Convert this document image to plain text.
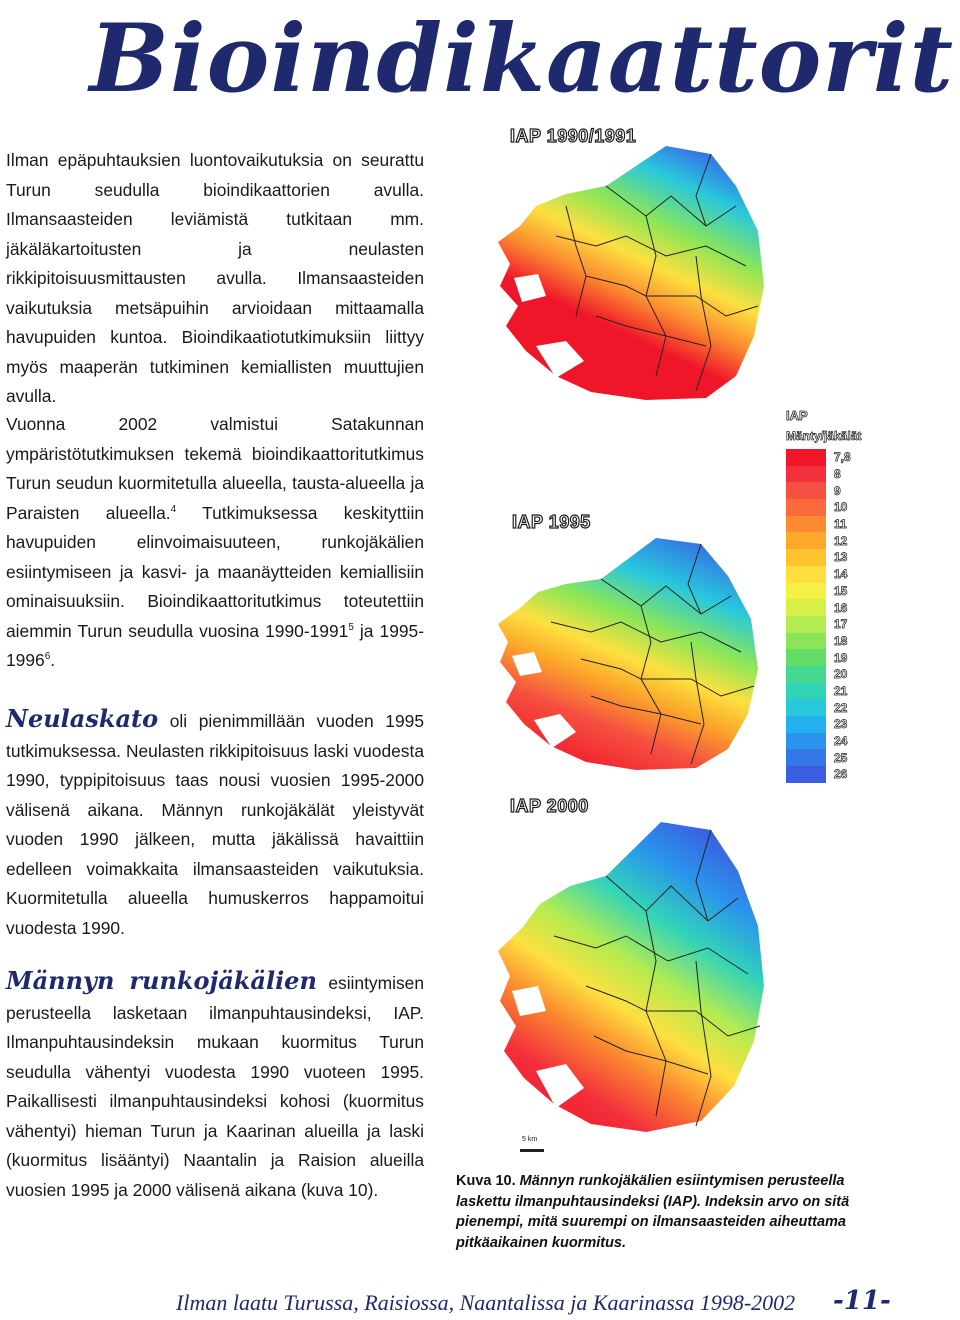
Bioindikaattorit

Ilman epäpuhtauksien luontovaikutuksia on seurattu Turun seudulla bioindikaattorien avulla. Ilmansaasteiden leviämistä tutkitaan mm. jäkäläkartoitusten ja neulasten rikkipitoisuusmittausten avulla. Ilmansaasteiden vaikutuksia metsäpuihin arvioidaan mittaamalla havupuiden kuntoa. Bioindikaatiotutkimuksiin liittyy myös maaperän tutkiminen kemiallisten muuttujien avulla.

Vuonna 2002 valmistui Satakunnan ympäristötutkimuksen tekemä bioindikaattoritutkimus Turun seudun kuormitetulla alueella, tausta-alueella ja Paraisten alueella.$^4$ Tutkimuksessa keskityttiin havupuiden elinvoimaisuuteen, runkojäkälien esiintymiseen ja kasvi- ja maanäytteiden kemiallisiin ominaisuuksiin. Bioindikaattoritutkimus toteutettiin aiemmin Turun seudulla vuosina 1990-1991$^5$ ja 1995-1996$^6$.

Neulaskato oli pienimmillään vuoden 1995 tutkimuksessa. Neulasten rikkipitoisuus laski vuodesta 1990, typpipitoisuus taas nousi vuosien 1995-2000 välisenä aikana. Männyn runkojäkälät yleistyvät vuoden 1990 jälkeen, mutta jäkälissä havaittiin edelleen voimakkaita ilmansaasteiden vaikutuksia. Kuormitetulla alueella humuskerros happamoitui vuodesta 1990.

Männyn runkojäkälien esiintymisen perusteella lasketaan ilmanpuhtausindeksi, IAP. Ilmanpuhtausindeksin mukaan kuormitus Turun seudulla vähentyi vuodesta 1990 vuoteen 1995. Paikallisesti ilmanpuhtausindeksi kohosi (kuormitus vähentyi) hieman Turun ja Kaarinan alueilla ja laski (kuormitus lisääntyi) Naantalin ja Raision alueilla vuosien 1995 ja 2000 välisenä aikana (kuva 10).

IAP 1990/1991
IAP 1995
IAP 2000
IAP
Mänty/jäkälät
7,8
8
9
10
11
12
13
14
15
16
17
18
19
20
21
22
23
24
25
26
5 km
Kuva 10. Männyn runkojäkälien esiintymisen perusteella laskettu ilmanpuhtausindeksi (IAP). Indeksin arvo on sitä pienempi, mitä suurempi on ilmansaasteiden aiheuttama pitkäaikainen kuormitus.
Ilman laatu Turussa, Raisiossa, Naantalissa ja Kaarinassa 1998-2002 -11-
